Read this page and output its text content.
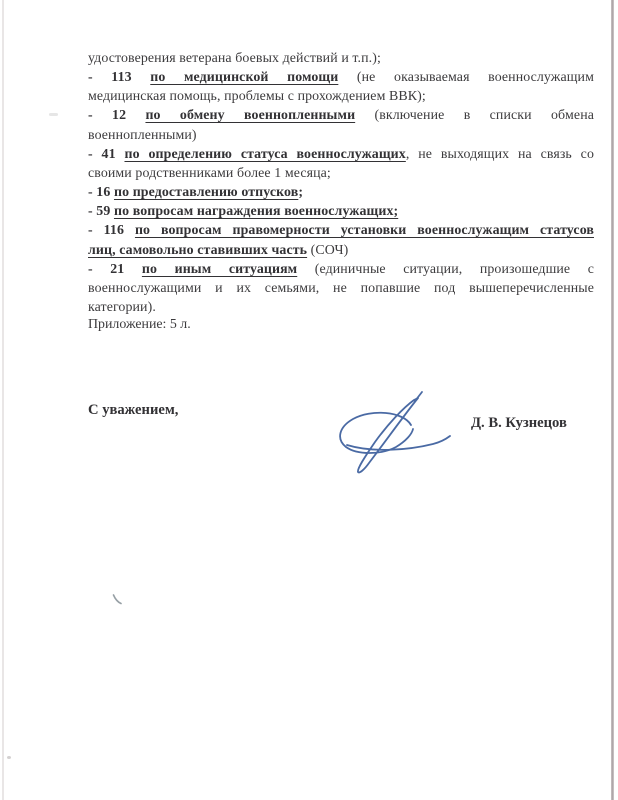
удостоверения ветерана боевых действий и т.п.);
- 113 по медицинской помощи (не оказываемая военнослужащим
медицинская помощь, проблемы с прохождением ВВК);
- 12 по обмену военнопленными (включение в списки обмена
военнопленными)
- 41 по определению статуса военнослужащих, не выходящих на связь со
своими родственниками более 1 месяца;
- 16 по предоставлению отпусков;
- 59 по вопросам награждения военнослужащих;
- 116 по вопросам правомерности установки военнослужащим статусов
лиц, самовольно ставивших часть (СОЧ)
- 21 по иным ситуациям (единичные ситуации, произошедшие с
военнослужащими и их семьями, не попавшие под вышеперечисленные
категории).
Приложение: 5 л.
С уважением,
Д. В. Кузнецов
